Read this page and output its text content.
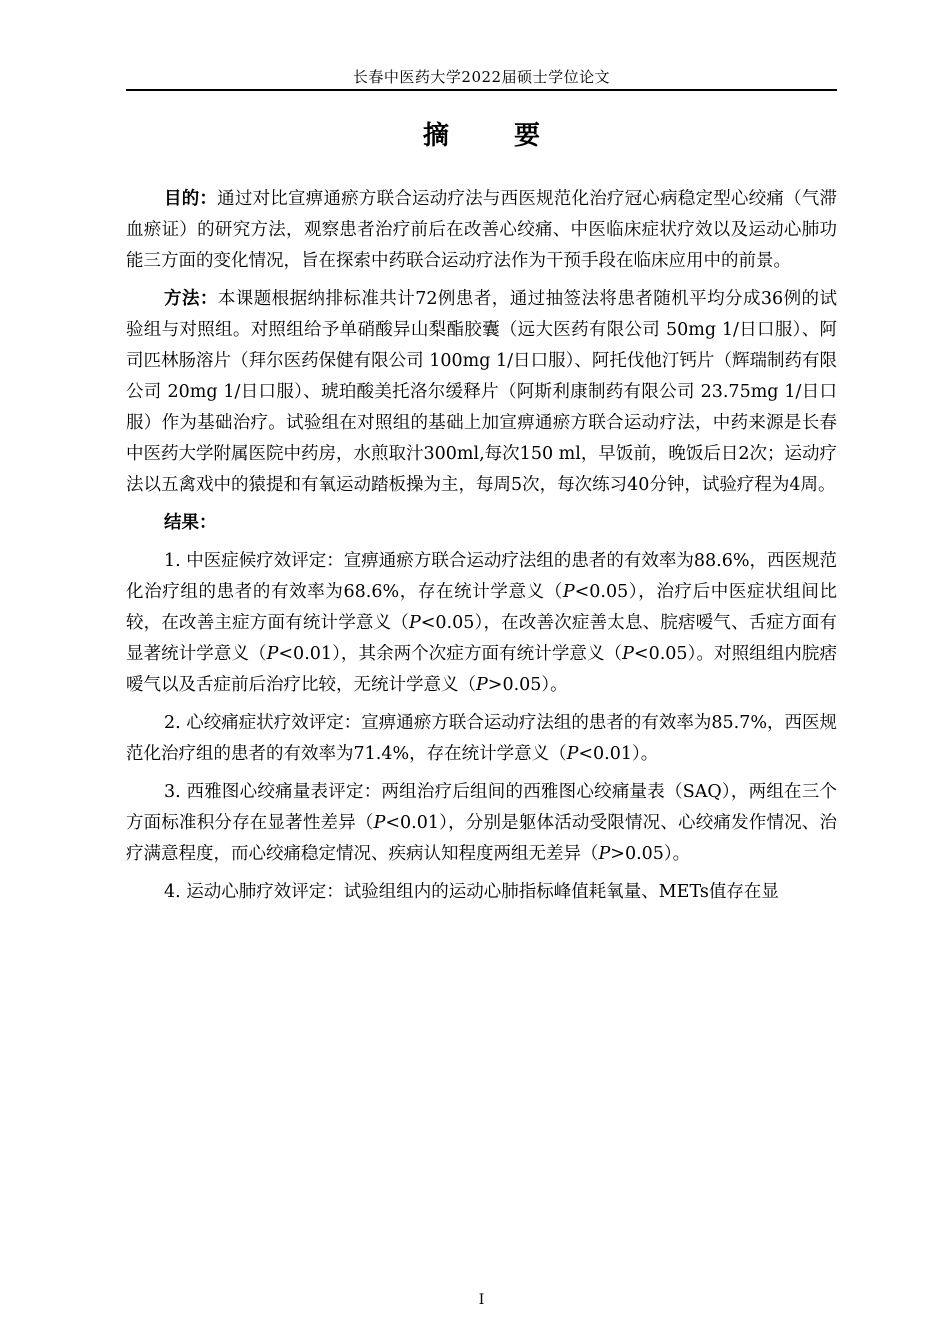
长春中医药大学2022届硕士学位论文
摘 要

目的：通过对比宣痹通瘀方联合运动疗法与西医规范化治疗冠心病稳定型心绞痛（气滞血瘀证）的研究方法，观察患者治疗前后在改善心绞痛、中医临床症状疗效以及运动心肺功能三方面的变化情况，旨在探索中药联合运动疗法作为干预手段在临床应用中的前景。

方法：本课题根据纳排标准共计72例患者，通过抽签法将患者随机平均分成36例的试验组与对照组。对照组给予单硝酸异山梨酯胶囊（远大医药有限公司 50mg 1/日口服）、阿司匹林肠溶片（拜尔医药保健有限公司 100mg 1/日口服）、阿托伐他汀钙片（辉瑞制药有限公司 20mg 1/日口服）、琥珀酸美托洛尔缓释片（阿斯利康制药有限公司 23.75mg 1/日口服）作为基础治疗。试验组在对照组的基础上加宣痹通瘀方联合运动疗法，中药来源是长春中医药大学附属医院中药房，水煎取汁300ml,每次150 ml，早饭前，晚饭后日2次；运动疗法以五禽戏中的猿提和有氧运动踏板操为主，每周5次，每次练习40分钟，试验疗程为4周。

结果：

1. 中医症候疗效评定：宣痹通瘀方联合运动疗法组的患者的有效率为88.6%，西医规范化治疗组的患者的有效率为68.6%，存在统计学意义（P<0.05），治疗后中医症状组间比较，在改善主症方面有统计学意义（P<0.05），在改善次症善太息、脘痞嗳气、舌症方面有显著统计学意义（P<0.01），其余两个次症方面有统计学意义（P<0.05）。对照组组内脘痞嗳气以及舌症前后治疗比较，无统计学意义（P>0.05）。

2. 心绞痛症状疗效评定：宣痹通瘀方联合运动疗法组的患者的有效率为85.7%，西医规范化治疗组的患者的有效率为71.4%，存在统计学意义（P<0.01）。

3. 西雅图心绞痛量表评定：两组治疗后组间的西雅图心绞痛量表（SAQ），两组在三个方面标准积分存在显著性差异（P<0.01），分别是躯体活动受限情况、心绞痛发作情况、治疗满意程度，而心绞痛稳定情况、疾病认知程度两组无差异（P>0.05）。

4. 运动心肺疗效评定：试验组组内的运动心肺指标峰值耗氧量、METs值存在显

I
